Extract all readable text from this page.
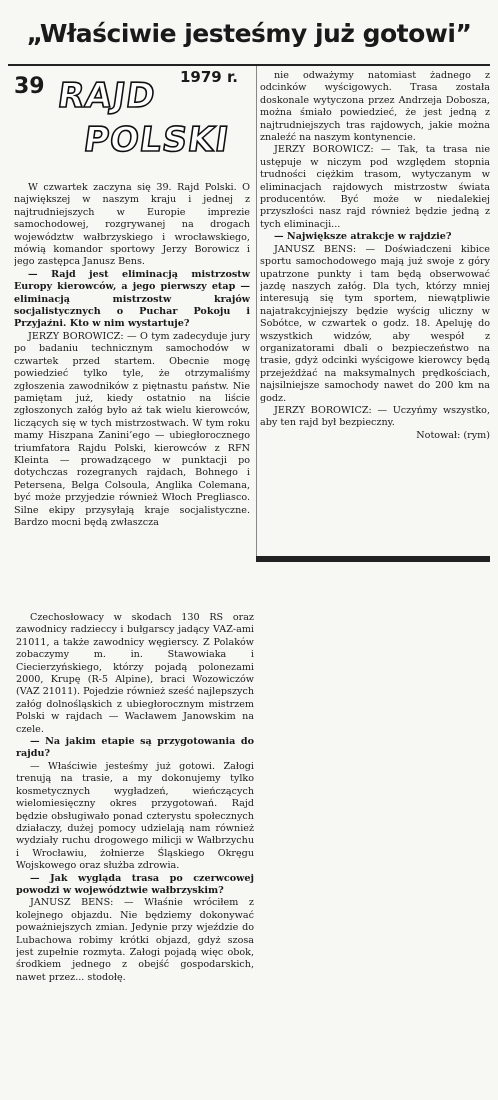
„Właściwie jesteśmy już gotowi”
39	1979 r.
RAJD
POLSKI

W czwartek zaczyna się 39. Rajd Polski. O największej w naszym kraju i jednej z najtrudniejszych w Europie imprezie samochodowej, rozgrywanej na drogach województw wałbrzyskiego i wrocławskiego, mówią komandor sportowy Jerzy Borowicz i jego zastępca Janusz Bens.

— Rajd jest eliminacją mistrzostw Europy kierowców, a jego pierwszy etap — eliminacją mistrzostw krajów socjalistycznych o Puchar Pokoju i Przyjaźni. Kto w nim wystartuje?

JERZY BOROWICZ: — O tym zadecyduje jury po badaniu technicznym samochodów w czwartek przed startem. Obecnie mogę powiedzieć tylko tyle, że otrzymaliśmy zgłoszenia zawodników z piętnastu państw. Nie pamiętam już, kiedy ostatnio na liście zgłoszonych załóg było aż tak wielu kierowców, liczących się w tych mistrzostwach. W tym roku mamy Hiszpana Zanini’ego — ubiegłorocznego triumfatora Rajdu Polski, kierowców z RFN Kleinta — prowadzącego w punktacji po dotychczas rozegranych rajdach, Bohnego i Petersena, Belga Colsoula, Anglika Colemana, być może przyjedzie również Włoch Pregliasco. Silne ekipy przysyłają kraje socjalistyczne. Bardzo mocni będą zwłaszcza

nie odważymy natomiast żadnego z odcinków wyścigowych. Trasa została doskonale wytyczona przez Andrzeja Dobosza, można śmiało powiedzieć, że jest jedną z najtrudniejszych tras rajdowych, jakie można znaleźć na naszym kontynencie.

JERZY BOROWICZ: — Tak, ta trasa nie ustępuje w niczym pod względem stopnia trudności ciężkim trasom, wytyczanym w eliminacjach rajdowych mistrzostw świata producentów. Być może w niedalekiej przyszłości nasz rajd również będzie jedną z tych eliminacji...

— Największe atrakcje w rajdzie?

JANUSZ BENS: — Doświadczeni kibice sportu samochodowego mają już swoje z góry upatrzone punkty i tam będą obserwować jazdę naszych załóg. Dla tych, którzy mniej interesują się tym sportem, niewątpliwie najatrakcyjniejszy będzie wyścig uliczny w Sobótce, w czwartek o godz. 18. Apeluję do wszystkich widzów, aby wespół z organizatorami dbali o bezpieczeństwo na trasie, gdyż odcinki wyścigowe kierowcy będą przejeżdżać na maksymalnych prędkościach, najsilniejsze samochody nawet do 200 km na godz.

JERZY BOROWICZ: — Uczyńmy wszystko, aby ten rajd był bezpieczny.

Notował: (rym)

Czechosłowacy w skodach 130 RS oraz zawodnicy radzieccy i bułgarscy jadący VAZ-ami 21011, a także zawodnicy węgierscy. Z Polaków zobaczymy m. in. Stawowiaka i Ciecierzyńskiego, którzy pojadą polonezami 2000, Krupę (R-5 Alpine), braci Wozowiczów (VAZ 21011). Pojedzie również sześć najlepszych załóg dolnośląskich z ubiegłorocznym mistrzem Polski w rajdach — Wacławem Janowskim na czele.

— Na jakim etapie są przygotowania do rajdu?

— Właściwie jesteśmy już gotowi. Załogi trenują na trasie, a my dokonujemy tylko kosmetycznych wygładzeń, wieńczących wielomiesięczny okres przygotowań. Rajd będzie obsługiwało ponad czterystu społecznych działaczy, dużej pomocy udzielają nam również wydziały ruchu drogowego milicji w Wałbrzychu i Wrocławiu, żołnierze Śląskiego Okręgu Wojskowego oraz służba zdrowia.

— Jak wygląda trasa po czerwcowej powodzi w województwie wałbrzyskim?

JANUSZ BENS: — Właśnie wróciłem z kolejnego objazdu. Nie będziemy dokonywać poważniejszych zmian. Jedynie przy wjeździe do Lubachowa robimy krótki objazd, gdyż szosa jest zupełnie rozmyta. Załogi pojadą więc obok, środkiem jednego z obejść gospodarskich, nawet przez... stodołę.
